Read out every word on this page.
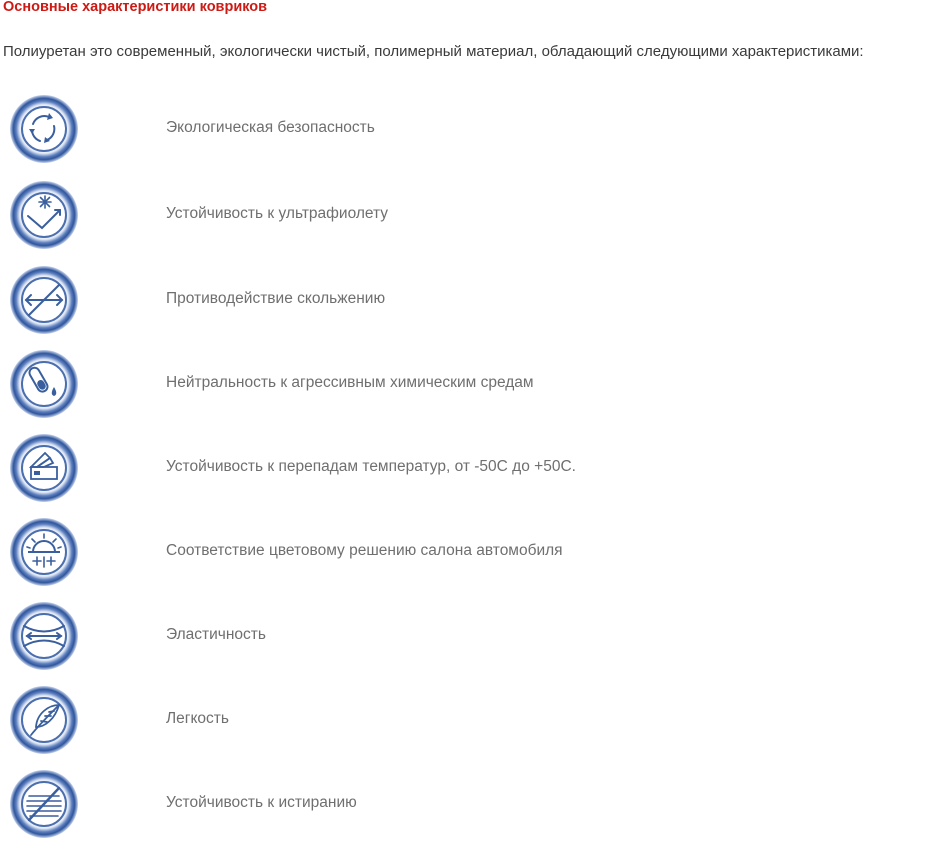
Основные характеристики ковриков
Полиуретан это современный, экологически чистый, полимерный материал, обладающий следующими характеристиками:
Экологическая безопасность
Устойчивость к ультрафиолету
Противодействие скольжению
Нейтральность к агрессивным химическим средам
Устойчивость к перепадам температур, от -50С до +50С.
Соответствие цветовому решению салона автомобиля
Эластичность
Легкость
Устойчивость к истиранию
